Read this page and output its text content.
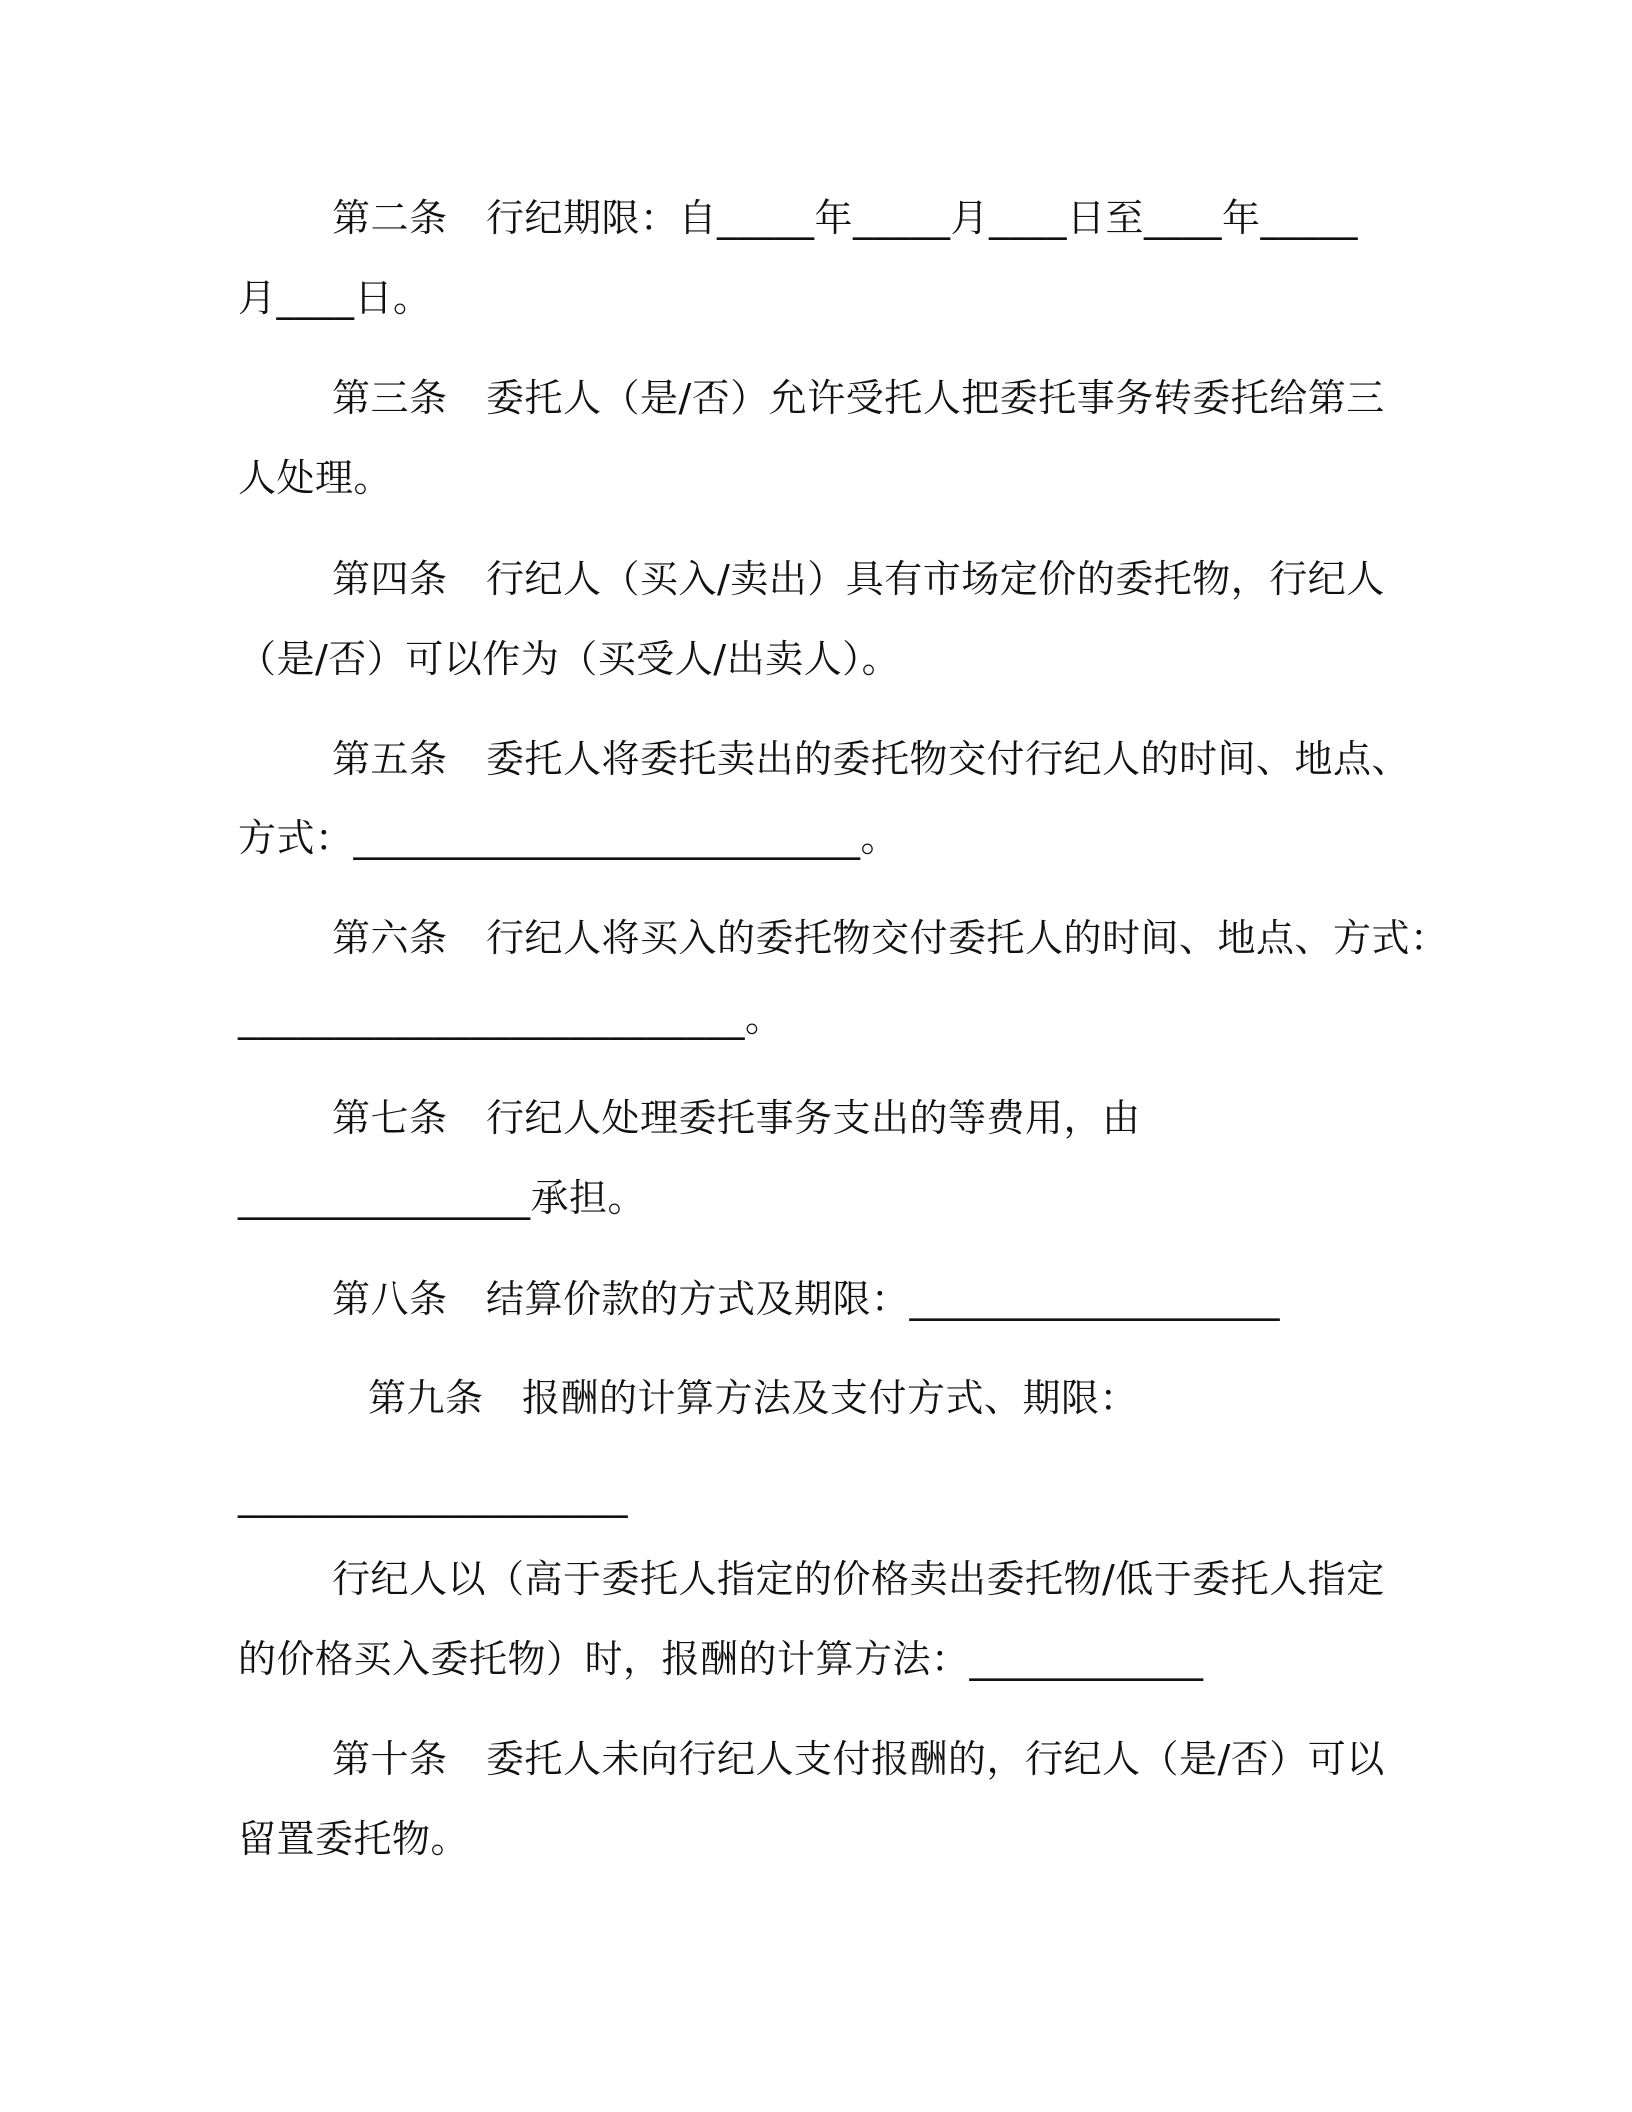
第二条　行纪期限：自_____年_____月____日至____年_____
月____日。
第三条　委托人（是/否）允许受托人把委托事务转委托给第三
人处理。
第四条　行纪人（买入/卖出）具有市场定价的委托物，行纪人
（是/否）可以作为（买受人/出卖人）。
第五条　委托人将委托卖出的委托物交付行纪人的时间、地点、
方式：__________________________。
第六条　行纪人将买入的委托物交付委托人的时间、地点、方式：
__________________________。
第七条　行纪人处理委托事务支出的等费用，由
_______________承担。
第八条　结算价款的方式及期限：___________________
第九条　报酬的计算方法及支付方式、期限：
____________________
行纪人以（高于委托人指定的价格卖出委托物/低于委托人指定
的价格买入委托物）时，报酬的计算方法：____________
第十条　委托人未向行纪人支付报酬的，行纪人（是/否）可以
留置委托物。
